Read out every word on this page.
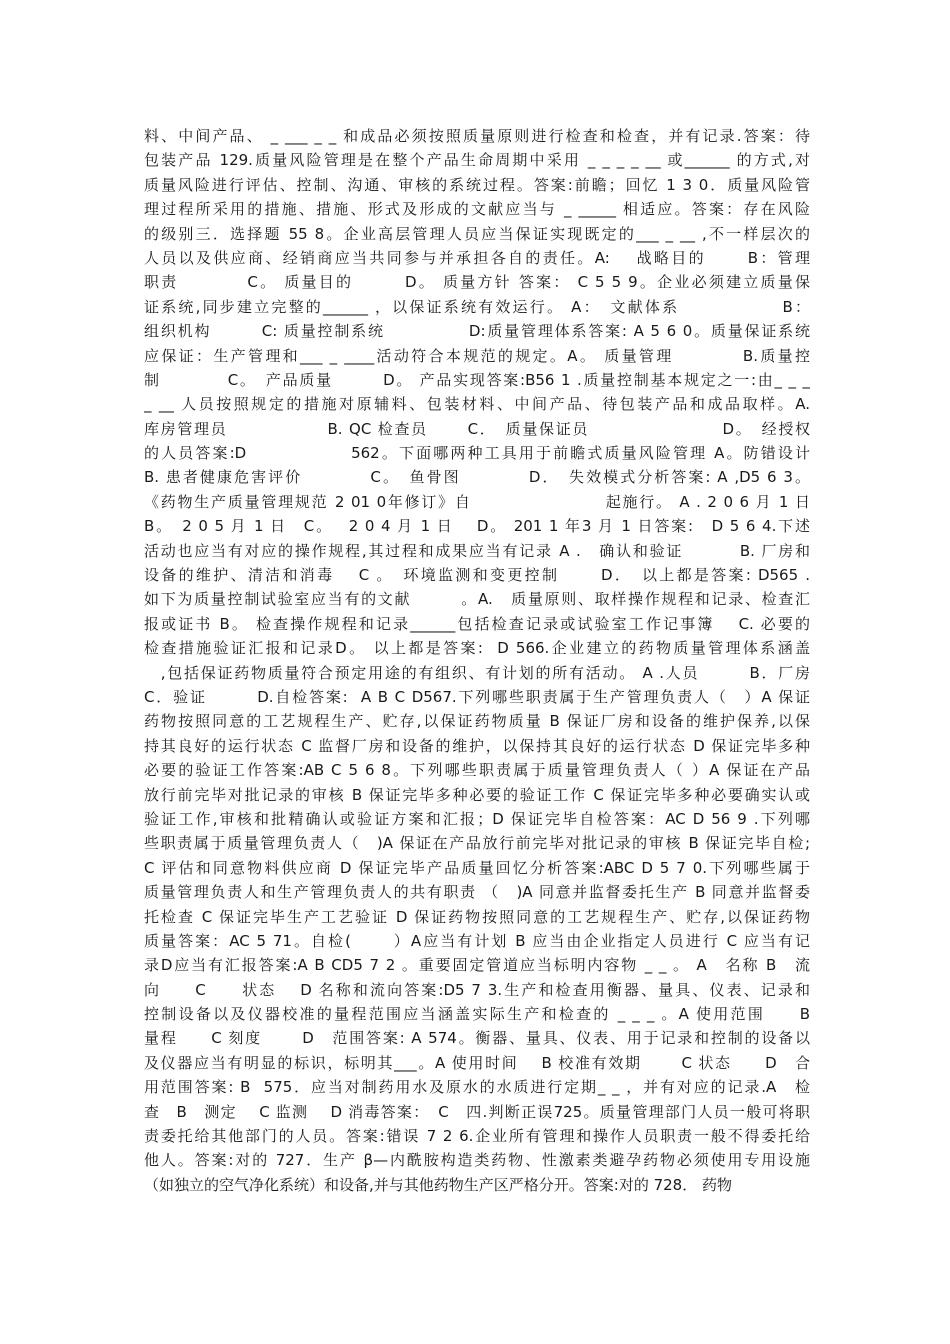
料、中间产品、 _ ___ _ _ 和成品必须按照质量原则进行检查和检查，并有记录.答案：待
包装产品 129.质量风险管理是在整个产品生命周期中采用 _ _ _ _ __ 或______ 的方式,对
质量风险进行评估、控制、沟通、审核的系统过程。答案:前瞻；回忆 1 3 0．质量风险管
理过程所采用的措施、措施、形式及形成的文献应当与 _ _____ 相适应。答案：存在风险
的级别三．选择题 55 8。企业高层管理人员应当保证实现既定的___ _ __ ,不一样层次的
人员以及供应商、经销商应当共同参与并承担各自的责任。A:　 战略目的　　 B：管理
职责　　　　C。 质量目的　　　D。 质量方针 答案： C 5 5 9。企业必须建立质量保
证系统,同步建立完整的______ ，以保证系统有效运行。 A：　文献体系　　　　　　B：
组织机构　　　C: 质量控制系统　　　　　D:质量管理体系答案: A 5 6 0。质量保证系统
应保证：生产管理和___ _ ____活动符合本规范的规定。A。 质量管理　　　　B.质量控
制　　　　C。　产品质量　　　D。 产品实现答案:B56 1 .质量控制基本规定之一:由_ _ _
_ __ 人员按照规定的措施对原辅料、包装材料、中间产品、待包装产品和成品取样。A.
库房管理员　　　　　　B. QC 检查员　　 C．　质量保证员　　　　　　　　D。　经授权
的人员答案:D　　　　　　562。下面哪两种工具用于前瞻式质量风险管理 A。防错设计
B. 患者健康危害评价　　　　C。　鱼骨图　　　　D．　失效模式分析答案: A ,D5 6 3。
《药物生产质量管理规范 2 01 0年修订》自　　　　　　　　起施行。 A . 2 0 6 月 1 日
B。　2 0 5 月 1 日　C。　 2 0 4 月 1 日　 D。 201 1 年3 月 1 日答案:　D 5 6 4.下述
活动也应当有对应的操作规程,其过程和成果应当有记录 A .　确认和验证　　　 B. 厂房和
设备的维护、清洁和消毒　 C 。　环境监测和变更控制　　 D．　以上都是答案: D565 .
如下为质量控制试验室应当有的文献　　　。A.　质量原则、取样操作规程和记录、检查汇
报或证书 B。 检查操作规程和记录______包括检查记录或试验室工作记事簿　 C. 必要的
检查措施验证汇报和记录D。 以上都是答案:  D 566.企业建立的药物质量管理体系涵盖
　,包括保证药物质量符合预定用途的有组织、有计划的所有活动。 A .人员　　　B．厂房
C．验证　　　D.自检答案:  A B C D567.下列哪些职责属于生产管理负责人（　）A 保证
药物按照同意的工艺规程生产、贮存,以保证药物质量 B 保证厂房和设备的维护保养,以保
持其良好的运行状态 C 监督厂房和设备的维护，以保持其良好的运行状态 D 保证完毕多种
必要的验证工作答案:AB C 5 6 8。下列哪些职责属于质量管理负责人（ ）A 保证在产品
放行前完毕对批记录的审核 B 保证完毕多种必要的验证工作 C 保证完毕多种必要确实认或
验证工作,审核和批精确认或验证方案和汇报；D 保证完毕自检答案：AC D 56 9 .下列哪
些职责属于质量管理负责人（　)A 保证在产品放行前完毕对批记录的审核 B 保证完毕自检;
C 评估和同意物料供应商 D 保证完毕产品质量回忆分析答案:ABC D 5 7 0.下列哪些属于
质量管理负责人和生产管理负责人的共有职责 （　)A 同意并监督委托生产 B 同意并监督委
托检查 C 保证完毕生产工艺验证 D 保证药物按照同意的工艺规程生产、贮存,以保证药物
质量答案：AC 5 71。自检(　　 ）A应当有计划 B 应当由企业指定人员进行 C 应当有记
录D应当有汇报答案:A B CD5 7 2 。重要固定管道应当标明内容物 _ _ 。 A　名称 B　流
向　　C　　状态　 D 名称和流向答案:D5 7 3.生产和检查用衡器、量具、仪表、记录和
控制设备以及仪器校准的量程范围应当涵盖实际生产和检查的 _ _ _ 。A 使用范围　　B
量程　　C 刻度　　 D　范围答案: A 574。衡器、量具、仪表、用于记录和控制的设备以
及仪器应当有明显的标识，标明其___。A 使用时间　 B 校准有效期　　 C 状态　　D　合
用范围答案: B  575．应当对制药用水及原水的水质进行定期_ _ ，并有对应的记录.A　检
查　B　测定　 C 监测　 D 消毒答案：　C　四.判断正误725。质量管理部门人员一般可将职
责委托给其他部门的人员。答案:错误 7 2 6.企业所有管理和操作人员职责一般不得委托给
他人。答案:对的 727．生产 β—内酰胺构造类药物、性激素类避孕药物必须使用专用设施
（如独立的空气净化系统）和设备,并与其他药物生产区严格分开。答案:对的 728． 药物
